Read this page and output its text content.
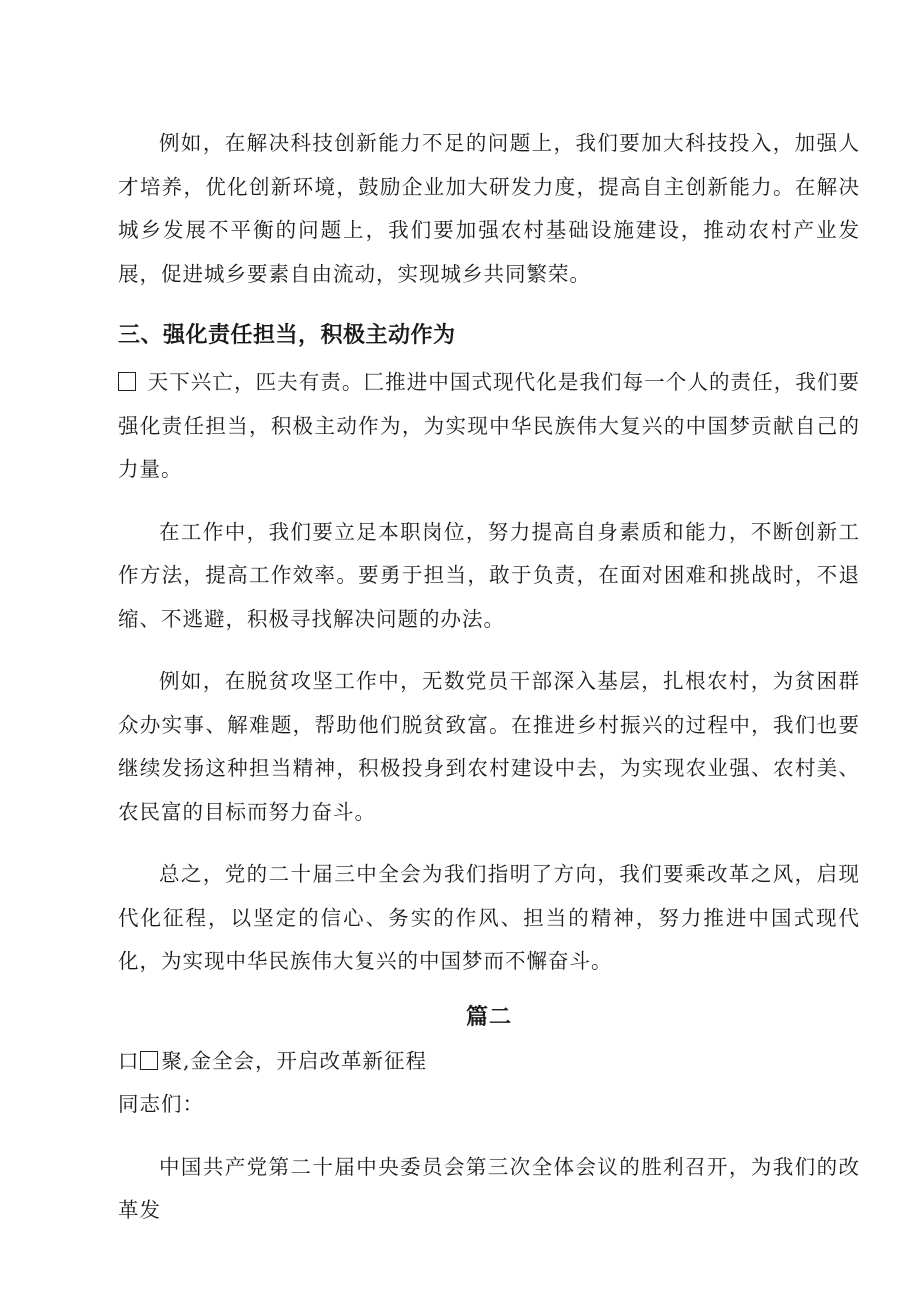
例如，在解决科技创新能力不足的问题上，我们要加大科技投入，加强人才培养，优化创新环境，鼓励企业加大研发力度，提高自主创新能力。在解决城乡发展不平衡的问题上，我们要加强农村基础设施建设，推动农村产业发展，促进城乡要素自由流动，实现城乡共同繁荣。

三、强化责任担当，积极主动作为

天下兴亡，匹夫有责。匚推进中国式现代化是我们每一个人的责任，我们要强化责任担当，积极主动作为，为实现中华民族伟大复兴的中国梦贡献自己的力量。

在工作中，我们要立足本职岗位，努力提高自身素质和能力，不断创新工作方法，提高工作效率。要勇于担当，敢于负责，在面对困难和挑战时，不退缩、不逃避，积极寻找解决问题的办法。

例如，在脱贫攻坚工作中，无数党员干部深入基层，扎根农村，为贫困群众办实事、解难题，帮助他们脱贫致富。在推进乡村振兴的过程中，我们也要继续发扬这种担当精神，积极投身到农村建设中去，为实现农业强、农村美、农民富的目标而努力奋斗。

总之，党的二十届三中全会为我们指明了方向，我们要乘改革之风，启现代化征程，以坚定的信心、务实的作风、担当的精神，努力推进中国式现代化，为实现中华民族伟大复兴的中国梦而不懈奋斗。

篇二

口 聚,金全会，开启改革新征程

同志们：

中国共产党第二十届中央委员会第三次全体会议的胜利召开，为我们的改革发
